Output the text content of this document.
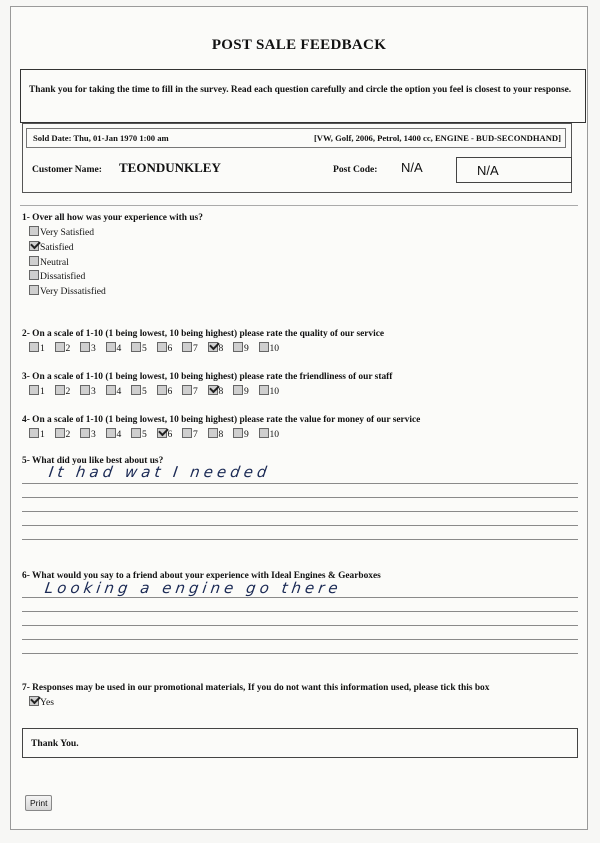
POST SALE FEEDBACK
Thank you for taking the time to fill in the survey. Read each question carefully and circle the option you feel is closest to your response.
Sold Date: Thu, 01-Jan 1970 1:00 am	[VW, Golf, 2006, Petrol, 1400 cc, ENGINE - BUD-SECONDHAND]
Customer Name: TEONDUNKLEY	Post Code: N/A	N/A
1- Over all how was your experience with us?
Very Satisfied
Satisfied
Neutral
Dissatisfied
Very Dissatisfied
2- On a scale of 1-10 (1 being lowest, 10 being highest) please rate the quality of our service
1 2 3 4 5 6 7 8 9 10
3- On a scale of 1-10 (1 being lowest, 10 being highest) please rate the friendliness of our staff
1 2 3 4 5 6 7 8 9 10
4- On a scale of 1-10 (1 being lowest, 10 being highest) please rate the value for money of our service
1 2 3 4 5 6 7 8 9 10
5- What did you like best about us?
It had wat I needed
6- What would you say to a friend about your experience with Ideal Engines & Gearboxes
Looking a engine go there
7- Responses may be used in our promotional materials, If you do not want this information used, please tick this box
Yes
Thank You.
Print
